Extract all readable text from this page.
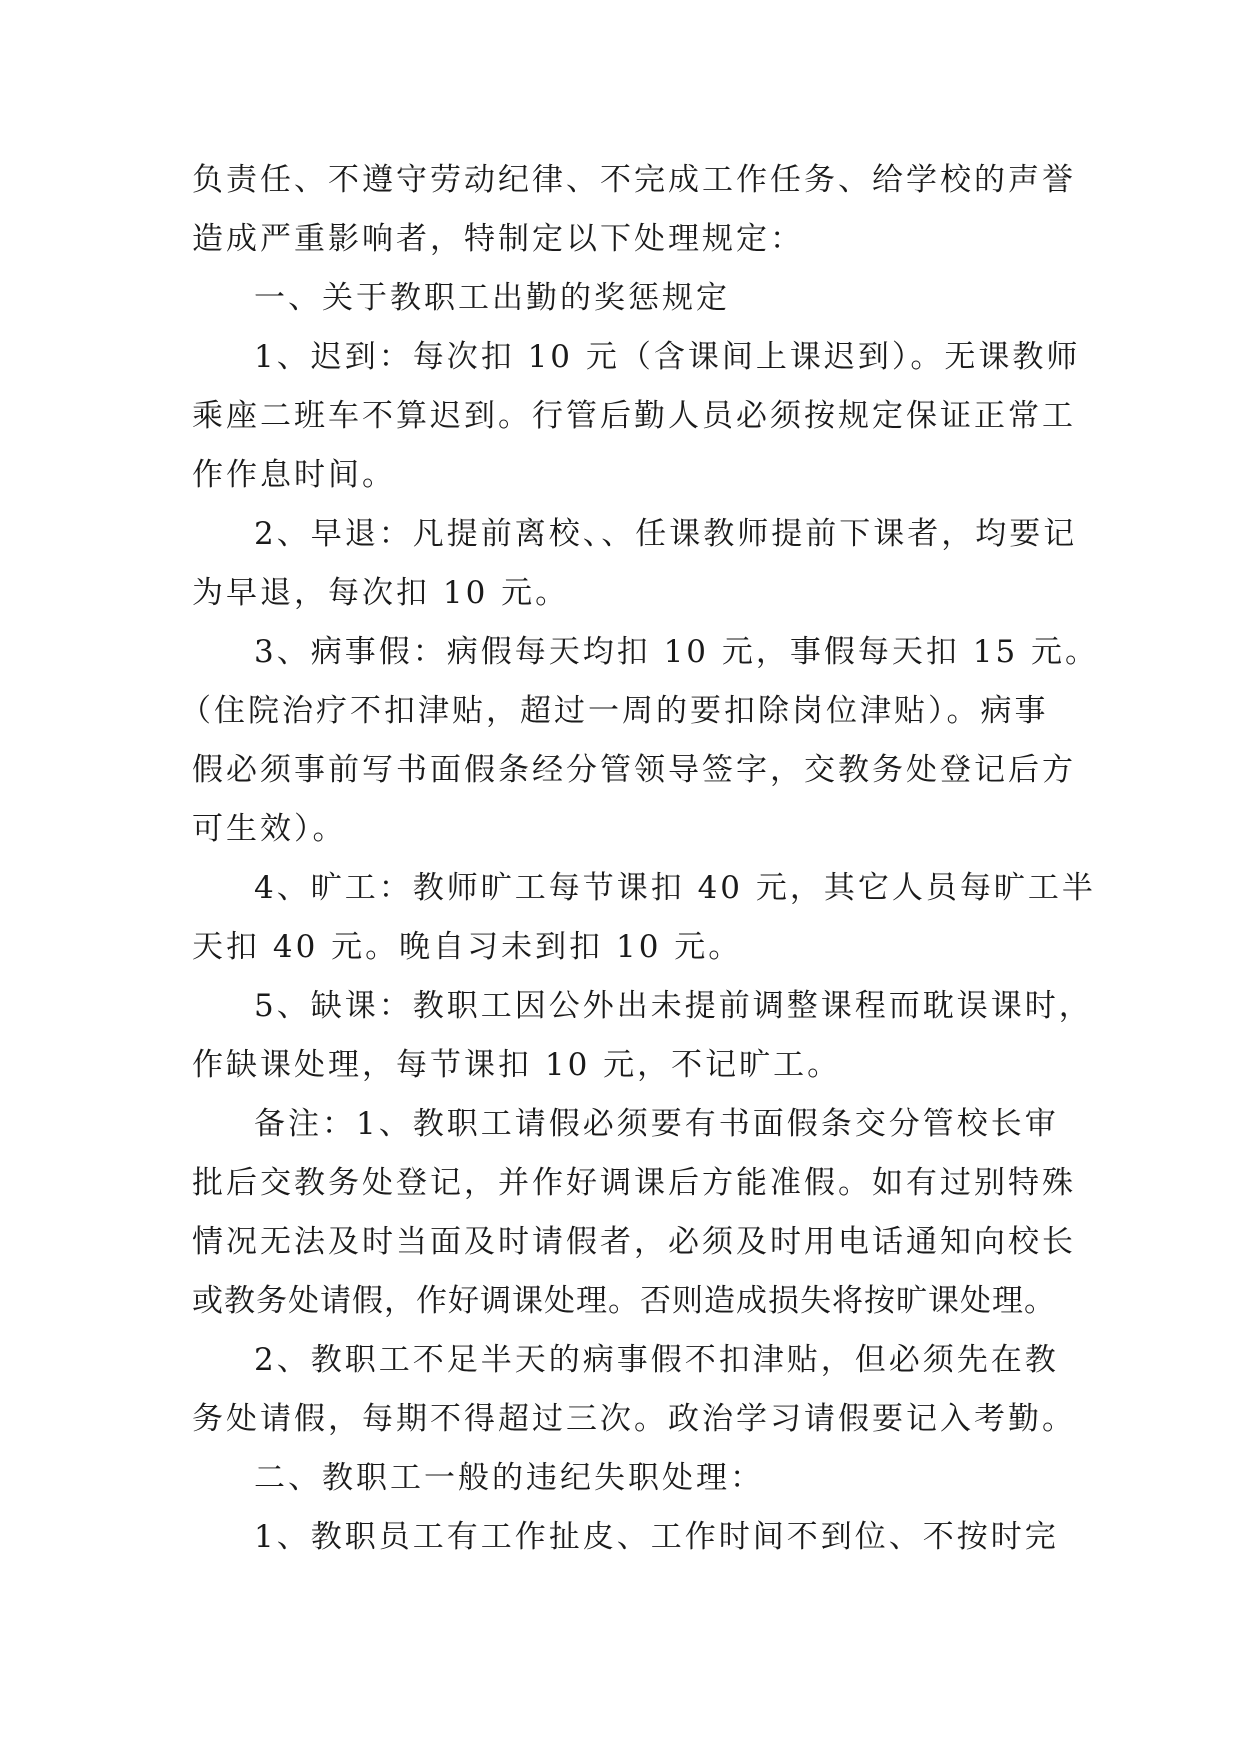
负责任、不遵守劳动纪律、不完成工作任务、给学校的声誉
造成严重影响者，特制定以下处理规定：
一、关于教职工出勤的奖惩规定
1、迟到：每次扣 10 元（含课间上课迟到）。无课教师
乘座二班车不算迟到。行管后勤人员必须按规定保证正常工
作作息时间。
2、早退：凡提前离校、、任课教师提前下课者，均要记
为早退，每次扣 10 元。
3、病事假：病假每天均扣 10 元，事假每天扣 15 元。
（住院治疗不扣津贴，超过一周的要扣除岗位津贴）。病事
假必须事前写书面假条经分管领导签字，交教务处登记后方
可生效）。
4、旷工：教师旷工每节课扣 40 元，其它人员每旷工半
天扣 40 元。晚自习未到扣 10 元。
5、缺课：教职工因公外出未提前调整课程而耽误课时，
作缺课处理，每节课扣 10 元，不记旷工。
备注：1、教职工请假必须要有书面假条交分管校长审
批后交教务处登记，并作好调课后方能准假。如有过别特殊
情况无法及时当面及时请假者，必须及时用电话通知向校长
或教务处请假，作好调课处理。否则造成损失将按旷课处理。
2、教职工不足半天的病事假不扣津贴，但必须先在教
务处请假，每期不得超过三次。政治学习请假要记入考勤。
二、教职工一般的违纪失职处理：
1、教职员工有工作扯皮、工作时间不到位、不按时完
